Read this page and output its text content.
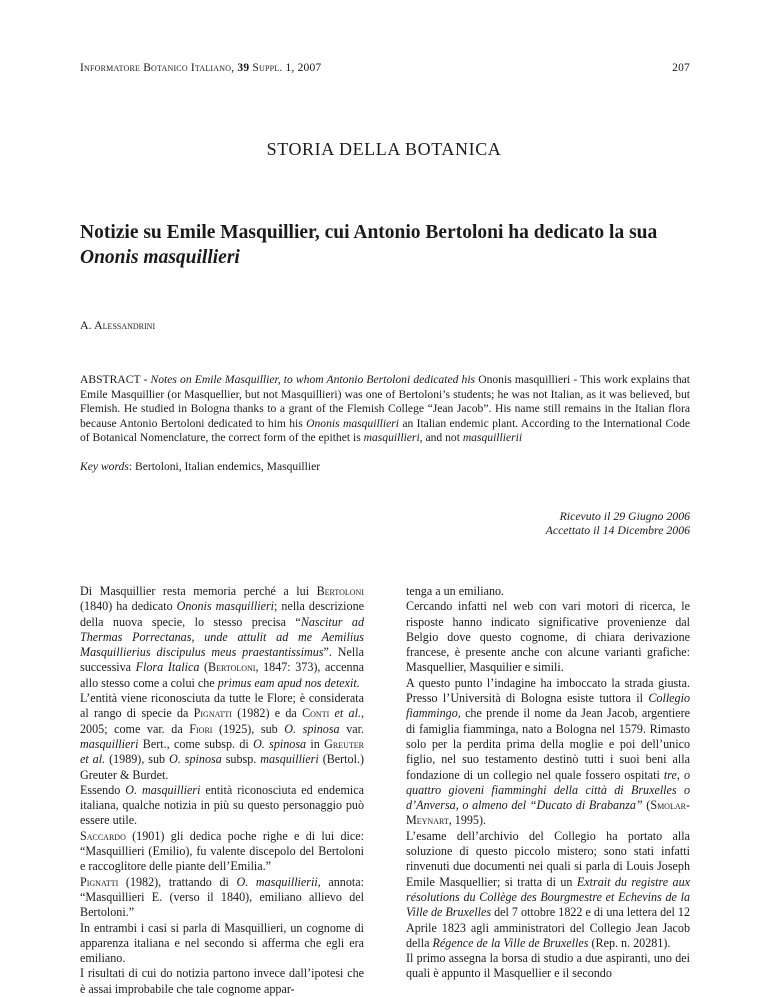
Informatore Botanico Italiano, 39 Suppl. 1, 2007	207
STORIA DELLA BOTANICA
Notizie su Emile Masquillier, cui Antonio Bertoloni ha dedicato la sua
Ononis masquillieri
A. Alessandrini
ABSTRACT - Notes on Emile Masquillier, to whom Antonio Bertoloni dedicated his Ononis masquillieri - This work explains that Emile Masquillier (or Masquellier, but not Masquillieri) was one of Bertoloni’s students; he was not Italian, as it was believed, but Flemish. He studied in Bologna thanks to a grant of the Flemish College “Jean Jacob”. His name still remains in the Italian flora because Antonio Bertoloni dedicated to him his Ononis masquillieri an Italian endemic plant. According to the International Code of Botanical Nomenclature, the correct form of the epithet is masquillieri, and not masquillierii
Key words: Bertoloni, Italian endemics, Masquillier
Ricevuto il 29 Giugno 2006
Accettato il 14 Dicembre 2006

Di Masquillier resta memoria perché a lui Bertoloni (1840) ha dedicato Ononis masquillieri; nella descrizione della nuova specie, lo stesso precisa “Nascitur ad Thermas Porrectanas, unde attulit ad me Aemilius Masquillierius discipulus meus praestantissimus”. Nella successiva Flora Italica (Bertoloni, 1847: 373), accenna allo stesso come a colui che primus eam apud nos detexit.

L’entità viene riconosciuta da tutte le Flore; è considerata al rango di specie da Pignatti (1982) e da Conti et al., 2005; come var. da Fiori (1925), sub O. spinosa var. masquillieri Bert., come subsp. di O. spinosa in Greuter et al. (1989), sub O. spinosa subsp. masquillieri (Bertol.) Greuter & Burdet.

Essendo O. masquillieri entità riconosciuta ed endemica italiana, qualche notizia in più su questo personaggio può essere utile.

Saccardo (1901) gli dedica poche righe e di lui dice: “Masquillieri (Emilio), fu valente discepolo del Bertoloni e raccoglitore delle piante dell’Emilia.”

Pignatti (1982), trattando di O. masquillierii, annota: “Masquillieri E. (verso il 1840), emiliano allievo del Bertoloni.”

In entrambi i casi si parla di Masquillieri, un cognome di apparenza italiana e nel secondo si afferma che egli era emiliano.

I risultati di cui do notizia partono invece dall’ipotesi che è assai improbabile che tale cognome appar-

tenga a un emiliano.

Cercando infatti nel web con vari motori di ricerca, le risposte hanno indicato significative provenienze dal Belgio dove questo cognome, di chiara derivazione francese, è presente anche con alcune varianti grafiche: Masquellier, Masquilier e simili.

A questo punto l’indagine ha imboccato la strada giusta. Presso l’Università di Bologna esiste tuttora il Collegio fiammingo, che prende il nome da Jean Jacob, argentiere di famiglia fiamminga, nato a Bologna nel 1579. Rimasto solo per la perdita prima della moglie e poi dell’unico figlio, nel suo testamento destinò tutti i suoi beni alla fondazione di un collegio nel quale fossero ospitati tre, o quattro gioveni fiamminghi della città di Bruxelles o d’Anversa, o almeno del “Ducato di Brabanza” (Smolar-Meynart, 1995).

L’esame dell’archivio del Collegio ha portato alla soluzione di questo piccolo mistero; sono stati infatti rinvenuti due documenti nei quali si parla di Louis Joseph Emile Masquellier; si tratta di un Extrait du registre aux résolutions du Collège des Bourgmestre et Echevins de la Ville de Bruxelles del 7 ottobre 1822 e di una lettera del 12 Aprile 1823 agli amministratori del Collegio Jean Jacob della Régence de la Ville de Bruxelles (Rep. n. 20281).

Il primo assegna la borsa di studio a due aspiranti, uno dei quali è appunto il Masquellier e il secondo
